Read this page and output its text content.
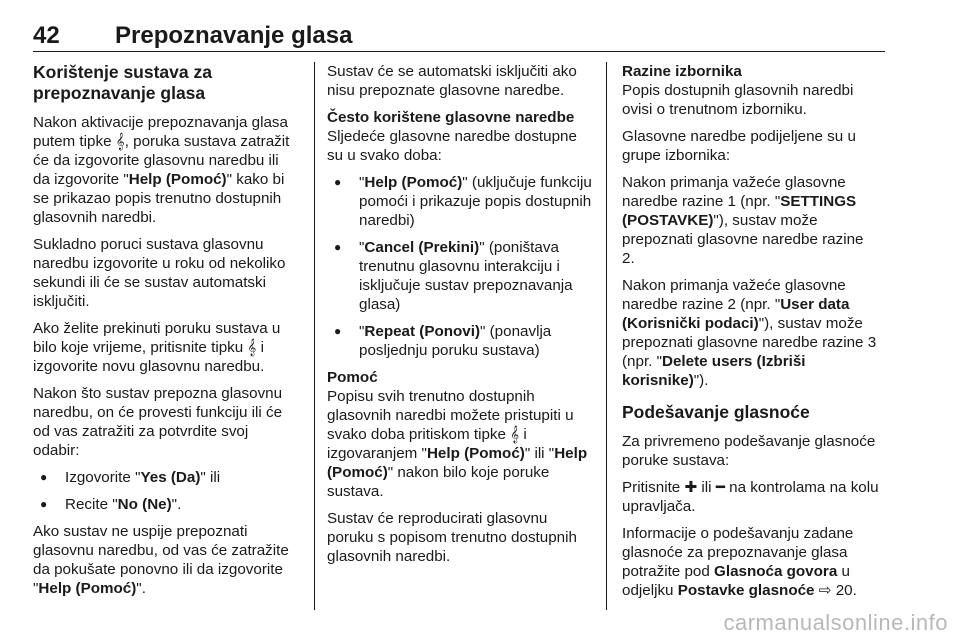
42 Prepoznavanje glasa
Korištenje sustava za prepoznavanje glasa

Nakon aktivacije prepoznavanja glasa putem tipke 𝄞, poruka sustava zatražit će da izgovorite glasovnu naredbu ili da izgovorite "Help (Pomoć)" kako bi se prikazao popis trenutno dostupnih glasovnih naredbi.

Sukladno poruci sustava glasovnu naredbu izgovorite u roku od nekoliko sekundi ili će se sustav automatski isključiti.

Ako želite prekinuti poruku sustava u bilo koje vrijeme, pritisnite tipku 𝄞 i izgovorite novu glasovnu naredbu.

Nakon što sustav prepozna glasovnu naredbu, on će provesti funkciju ili će od vas zatražiti za potvrdite svoj odabir:

● Izgovorite "Yes (Da)" ili
● Recite "No (Ne)".

Ako sustav ne uspije prepoznati glasovnu naredbu, od vas će zatražite da pokušate ponovno ili da izgovorite "Help (Pomoć)".

Sustav će se automatski isključiti ako nisu prepoznate glasovne naredbe.

Često korištene glasovne naredbe

Sljedeće glasovne naredbe dostupne su u svako doba:

● "Help (Pomoć)" (uključuje funkciju pomoći i prikazuje popis dostupnih naredbi)
● "Cancel (Prekini)" (poništava trenutnu glasovnu interakciju i isključuje sustav prepoznavanja glasa)
● "Repeat (Ponovi)" (ponavlja posljednju poruku sustava)
Pomoć

Popisu svih trenutno dostupnih glasovnih naredbi možete pristupiti u svako doba pritiskom tipke 𝄞 i izgovaranjem "Help (Pomoć)" ili "Help (Pomoć)" nakon bilo koje poruke sustava.

Sustav će reproducirati glasovnu poruku s popisom trenutno dostupnih glasovnih naredbi.

Razine izbornika

Popis dostupnih glasovnih naredbi ovisi o trenutnom izborniku.

Glasovne naredbe podijeljene su u grupe izbornika:

Nakon primanja važeće glasovne naredbe razine 1 (npr. "SETTINGS (POSTAVKE)"), sustav može prepoznati glasovne naredbe razine 2.

Nakon primanja važeće glasovne naredbe razine 2 (npr. "User data (Korisnički podaci)"), sustav može prepoznati glasovne naredbe razine 3 (npr. "Delete users (Izbriši korisnike)").

Podešavanje glasnoće

Za privremeno podešavanje glasnoće poruke sustava:

Pritisnite ✚ ili ━ na kontrolama na kolu upravljača.

Informacije o podešavanju zadane glasnoće za prepoznavanje glasa potražite pod Glasnoća govora u odjeljku Postavke glasnoće ⇨ 20.

carmanualsonline.info
